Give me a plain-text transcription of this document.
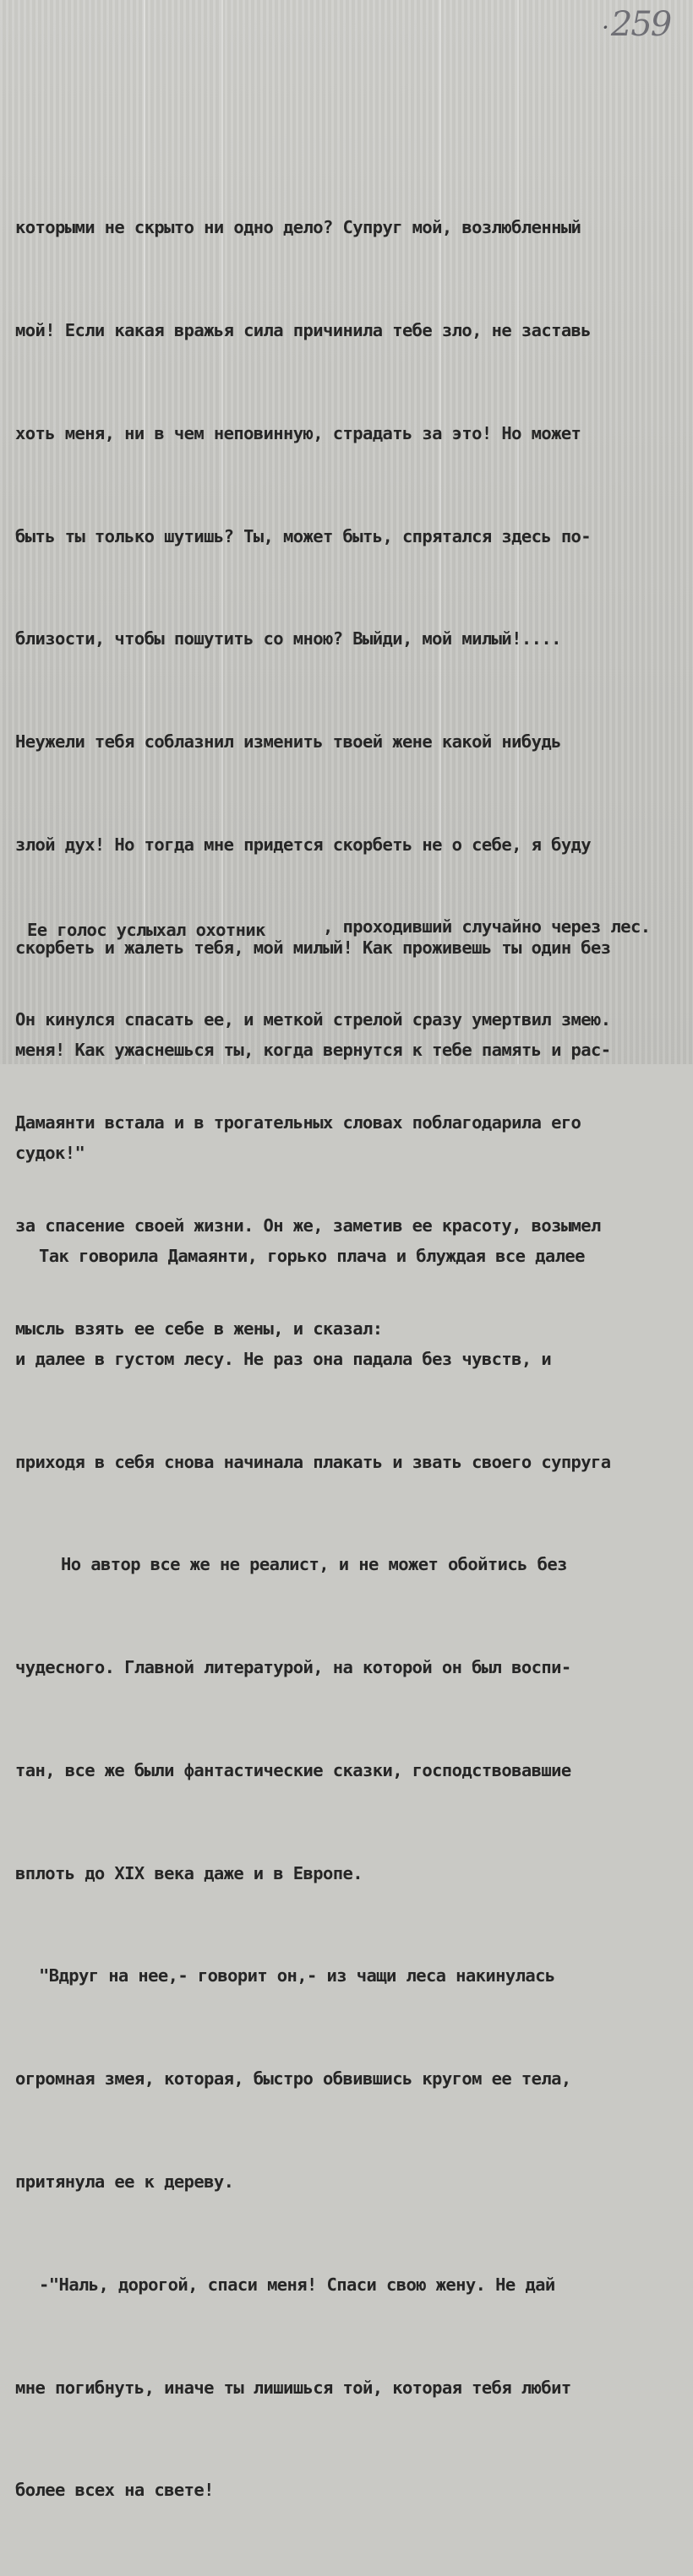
· 259

которыми не скрыто ни одно дело? Супруг мой, возлюбленный

мой! Если какая вражья сила причинила тебе зло, не заставь

хоть меня, ни в чем неповинную, страдать за это! Но может

быть ты только шутишь? Ты, может быть, спрятался здесь по-

близости, чтобы пошутить со мною? Выйди, мой милый!....

Неужели тебя соблазнил изменить твоей жене какой нибудь

злой дух! Но тогда мне придется скорбеть не о себе, я буду

скорбеть и жалеть тебя, мой милый! Как проживешь ты один без

меня! Как ужаснешься ты, когда вернутся к тебе память и рас-

судок!"

Так говорила Дамаянти, горько плача и блуждая все далее

и далее в густом лесу. Не раз она падала без чувств, и

приходя в себя снова начинала плакать и звать своего супруга

Но автор все же не реалист, и не может обойтись без

чудесного. Главной литературой, на которой он был воспи-

тан, все же были фантастические сказки, господствовавшие

вплоть до XIX века даже и в Европе.

"Вдруг на нее,- говорит он,- из чащи леса накинулась

огромная змея, которая, быстро обвившись кругом ее тела,

притянула ее к дереву.

-"Наль, дорогой, спаси меня! Спаси свою жену. Не дай

мне погибнуть, иначе ты лишишься той, которая тебя любит

более всех на свете!

Ее голос услыхал охотник

	, проходивший случайно через лес.

Он кинулся спасать ее, и меткой стрелой сразу умертвил змею.

Дамаянти встала и в трогательных словах поблагодарила его

за спасение своей жизни. Он же, заметив ее красоту, возымел

мысль взять ее себе в жены, и сказал:
